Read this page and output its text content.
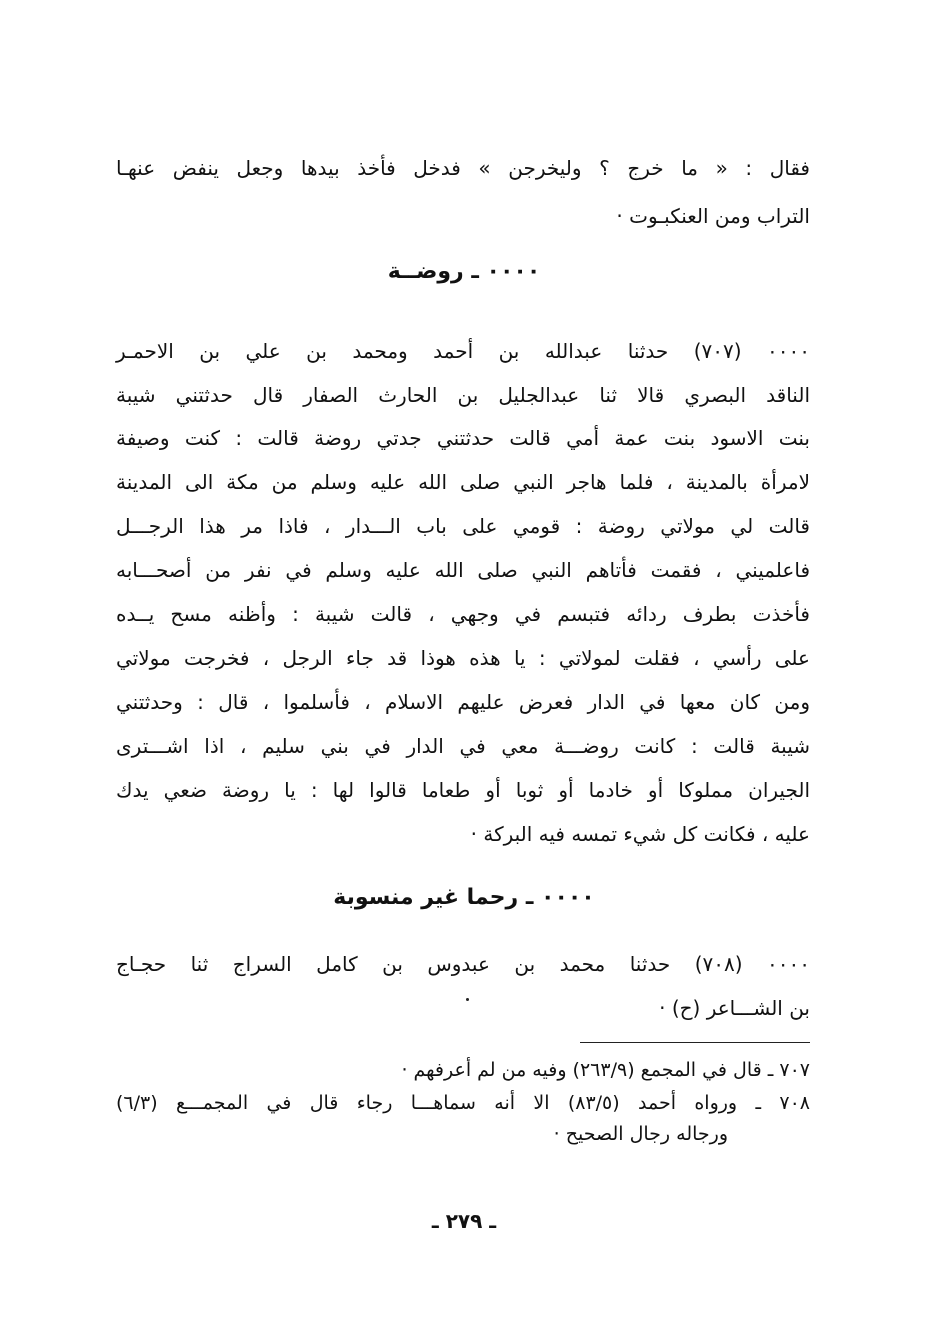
فقال : « ما خرج ؟ وليخرجن » فدخل فأخذ بيدها وجعل ينفض عنهـا
التراب ومن العنكبـوت ·
٠٠٠٠ ـ روضــة
٠٠٠٠ (٧٠٧) حدثنا عبدالله بن أحمد ومحمد بن علي بن الاحمـر
الناقد البصري قالا ثنا عبدالجليل بن الحارث الصفار قال حدثتني شيبة
بنت الاسود بنت عمة أمي قالت حدثتني جدتي روضة قالت : كنت وصيفة
لامرأة بالمدينة ، فلما هاجر النبي صلى الله عليه وسلم من مكة الى المدينة
قالت لي مولاتي روضة : قومي على باب الـــدار ، فاذا مر هذا الرجـــل
فاعلميني ، فقمت فأتاهم النبي صلى الله عليه وسلم في نفر من أصحـــابه
فأخذت بطرف ردائه فتبسم في وجهي ، قالت شيبة : وأظنه مسح يــده
على رأسي ، فقلت لمولاتي : يا هذه هوذا قد جاء الرجل ، فخرجت مولاتي
ومن كان معها في الدار فعرض عليهم الاسلام ، فأسلموا ، قال : وحدثتني
شيبة قالت : كانت روضـــة معي في الدار في بني سليم ، اذا اشـــترى
الجيران مملوكا أو خادما أو ثوبا أو طعاما قالوا لها : يا روضة ضعي يدك
عليه ، فكانت كل شيء تمسه فيه البركة ·
٠٠٠٠ ـ رحما غير منسوبة
٠٠٠٠ (٧٠٨) حدثنا محمد بن عبدوس بن كامل السراج ثنا حجـاج
بن الشـــاعر (ح) ·
٧٠٧ ـ قال في المجمع (٢٦٣/٩) وفيه من لم أعرفهم ·
٧٠٨ ـ ورواه أحمد (٨٣/٥) الا أنه سماهـــا رجاء قال في المجمـــع (٦/٣)
ورجاله رجال الصحيح ·
ـ ٢٧٩ ـ
